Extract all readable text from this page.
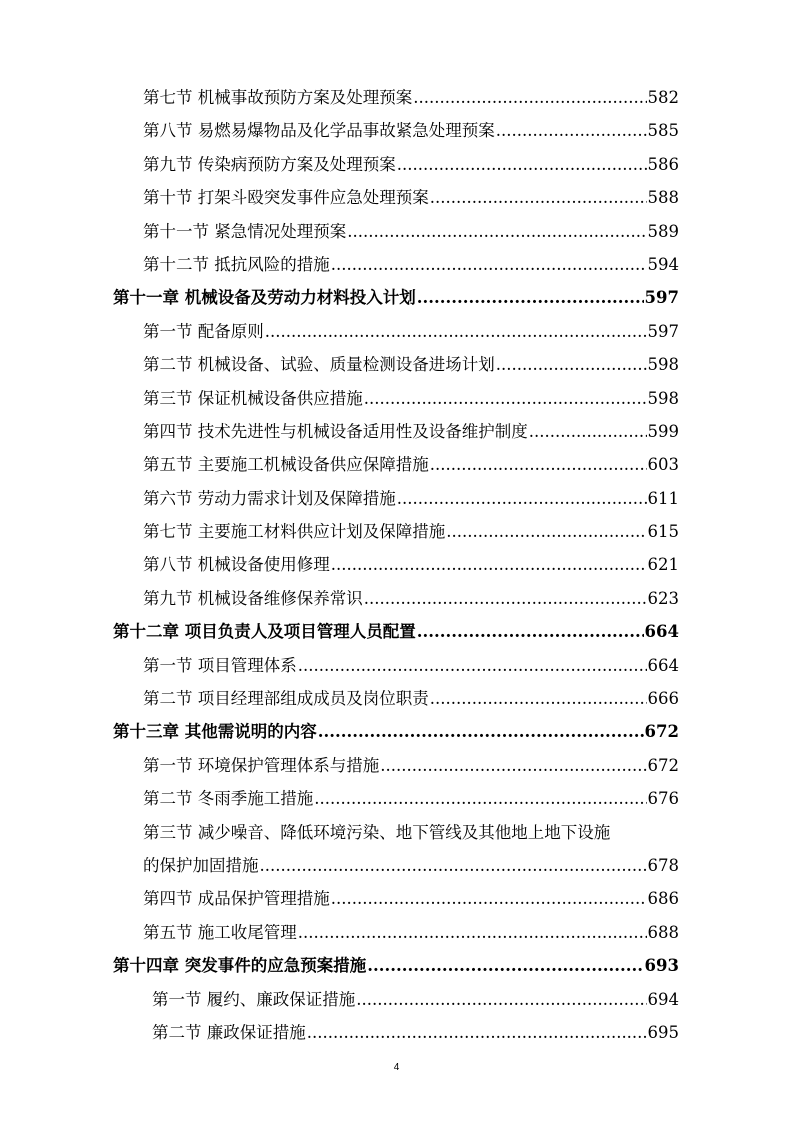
第七节 机械事故预防方案及处理预案 .....	582
第八节 易燃易爆物品及化学品事故紧急处理预案 .....	585
第九节 传染病预防方案及处理预案 .....	586
第十节 打架斗殴突发事件应急处理预案 .....	588
第十一节 紧急情况处理预案 .....	589
第十二节 抵抗风险的措施 .....	594
第十一章 机械设备及劳动力材料投入计划 .....	597
第一节 配备原则 .....	597
第二节 机械设备、试验、质量检测设备进场计划 .....	598
第三节 保证机械设备供应措施 .....	598
第四节 技术先进性与机械设备适用性及设备维护制度 .....	599
第五节 主要施工机械设备供应保障措施 .....	603
第六节 劳动力需求计划及保障措施 .....	611
第七节 主要施工材料供应计划及保障措施 .....	615
第八节 机械设备使用修理 .....	621
第九节 机械设备维修保养常识 .....	623
第十二章 项目负责人及项目管理人员配置 .....	664
第一节 项目管理体系 .....	664
第二节 项目经理部组成成员及岗位职责 .....	666
第十三章 其他需说明的内容 .....	672
第一节 环境保护管理体系与措施 .....	672
第二节 冬雨季施工措施 .....	676
第三节 减少噪音、降低环境污染、地下管线及其他地上地下设施
的保护加固措施 .....	678
第四节 成品保护管理措施 .....	686
第五节 施工收尾管理 .....	688
第十四章 突发事件的应急预案措施 .....	693
第一节 履约、廉政保证措施 .....	694
第二节 廉政保证措施 .....	695
4
